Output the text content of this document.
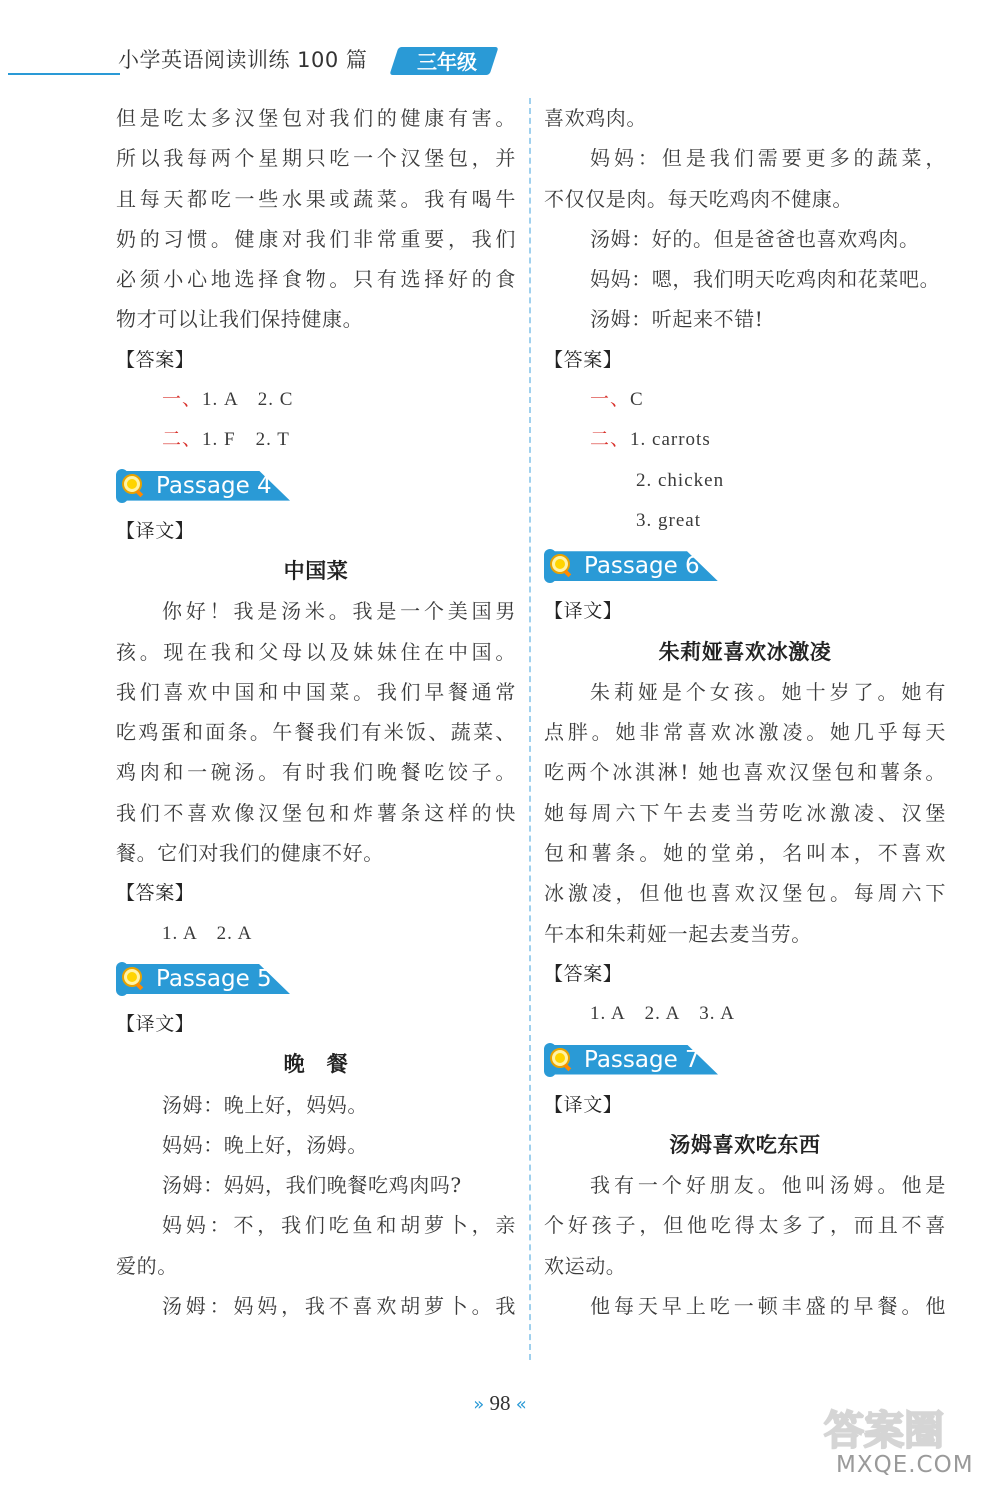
小学英语阅读训练 100 篇	三年级
但是吃太多汉堡包对我们的健康有害。
所以我每两个星期只吃一个汉堡包，并
且每天都吃一些水果或蔬菜。我有喝牛
奶的习惯。健康对我们非常重要，我们
必须小心地选择食物。只有选择好的食
物才可以让我们保持健康。
【答案】
一、1. A　2. C
二、1. F　2. T
Passage 4
【译文】
中国菜
你好！我是汤米。我是一个美国男
孩。现在我和父母以及妹妹住在中国。
我们喜欢中国和中国菜。我们早餐通常
吃鸡蛋和面条。午餐我们有米饭、蔬菜、
鸡肉和一碗汤。有时我们晚餐吃饺子。
我们不喜欢像汉堡包和炸薯条这样的快
餐。它们对我们的健康不好。
【答案】
1. A　2. A
Passage 5
【译文】
晚　餐
汤姆：晚上好，妈妈。
妈妈：晚上好，汤姆。
汤姆：妈妈，我们晚餐吃鸡肉吗?
妈妈：不，我们吃鱼和胡萝卜，亲
爱的。
汤姆：妈妈，我不喜欢胡萝卜。我
喜欢鸡肉。
妈妈：但是我们需要更多的蔬菜，
不仅仅是肉。每天吃鸡肉不健康。
汤姆：好的。但是爸爸也喜欢鸡肉。
妈妈：嗯，我们明天吃鸡肉和花菜吧。
汤姆：听起来不错!
【答案】
一、C
二、1. carrots
2. chicken
3. great
Passage 6
【译文】
朱莉娅喜欢冰激凌
朱莉娅是个女孩。她十岁了。她有
点胖。她非常喜欢冰激凌。她几乎每天
吃两个冰淇淋! 她也喜欢汉堡包和薯条。
她每周六下午去麦当劳吃冰激凌、汉堡
包和薯条。她的堂弟，名叫本，不喜欢
冰激凌，但他也喜欢汉堡包。每周六下
午本和朱莉娅一起去麦当劳。
【答案】
1. A　2. A　3. A
Passage 7
【译文】
汤姆喜欢吃东西
我有一个好朋友。他叫汤姆。他是
个好孩子，但他吃得太多了，而且不喜
欢运动。
他每天早上吃一顿丰盛的早餐。他
» 98 «
答案圈
MXQE.COM
